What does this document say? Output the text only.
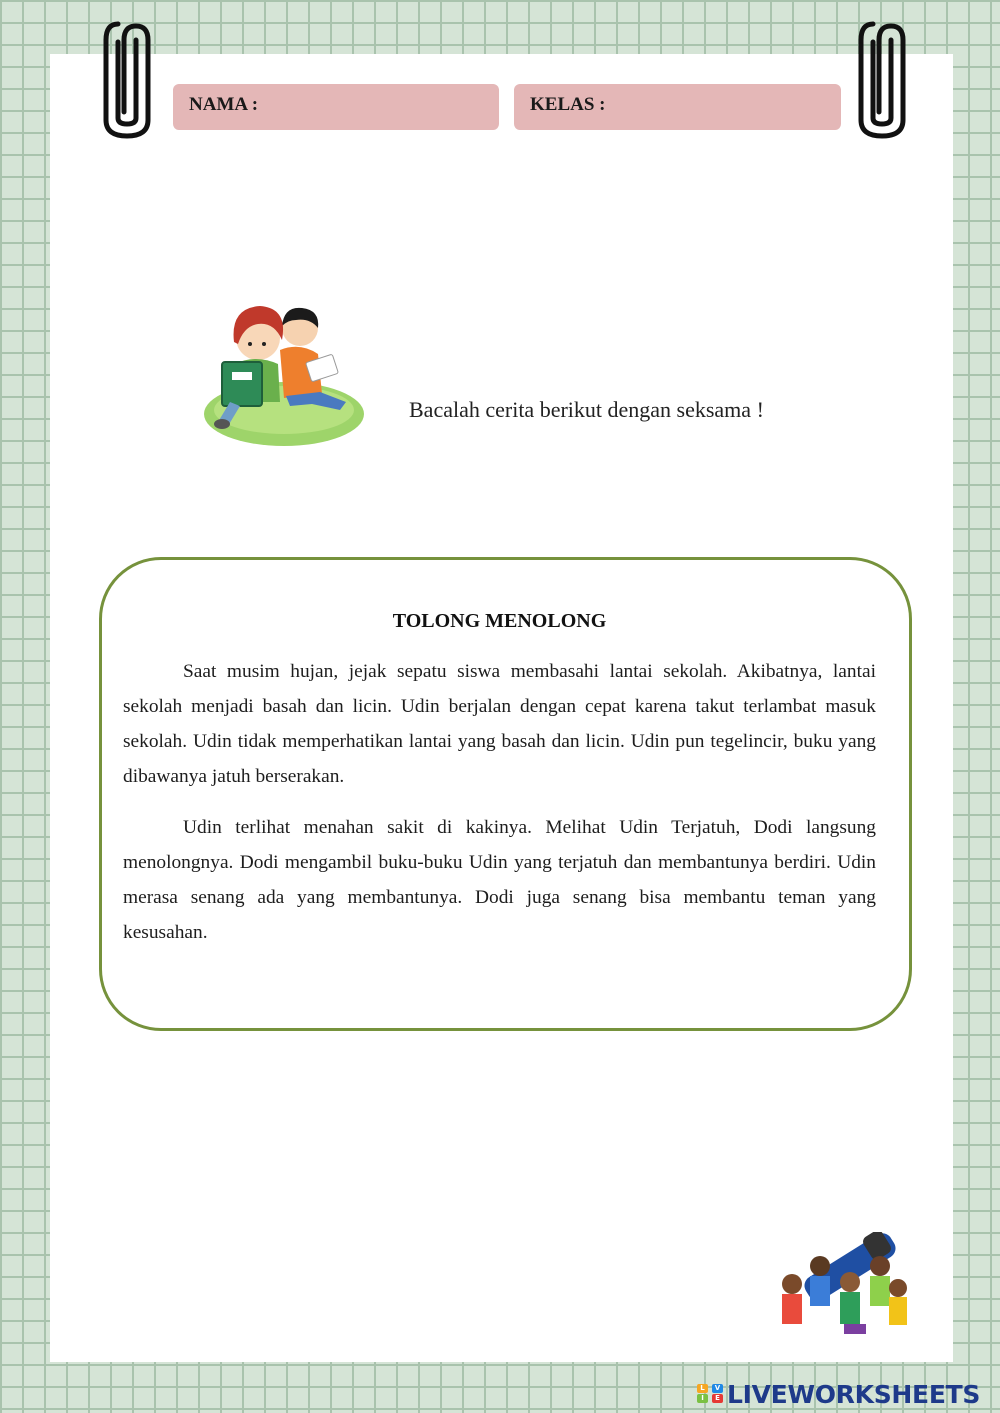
NAMA :	KELAS :
Bacalah cerita berikut dengan seksama !

TOLONG MENOLONG

Saat musim hujan, jejak sepatu siswa membasahi lantai sekolah. Akibatnya, lantai sekolah menjadi basah dan licin. Udin berjalan dengan cepat karena takut terlambat masuk sekolah. Udin tidak memperhatikan lantai yang basah dan licin. Udin pun tegelincir, buku yang dibawanya jatuh berserakan.

Udin terlihat menahan sakit di kakinya. Melihat Udin Terjatuh, Dodi langsung menolongnya. Dodi mengambil buku-buku Udin yang terjatuh dan membantunya berdiri. Udin merasa senang ada yang membantunya. Dodi juga senang bisa membantu teman yang kesusahan.

L
I
V
E LIVEWORKSHEETS
